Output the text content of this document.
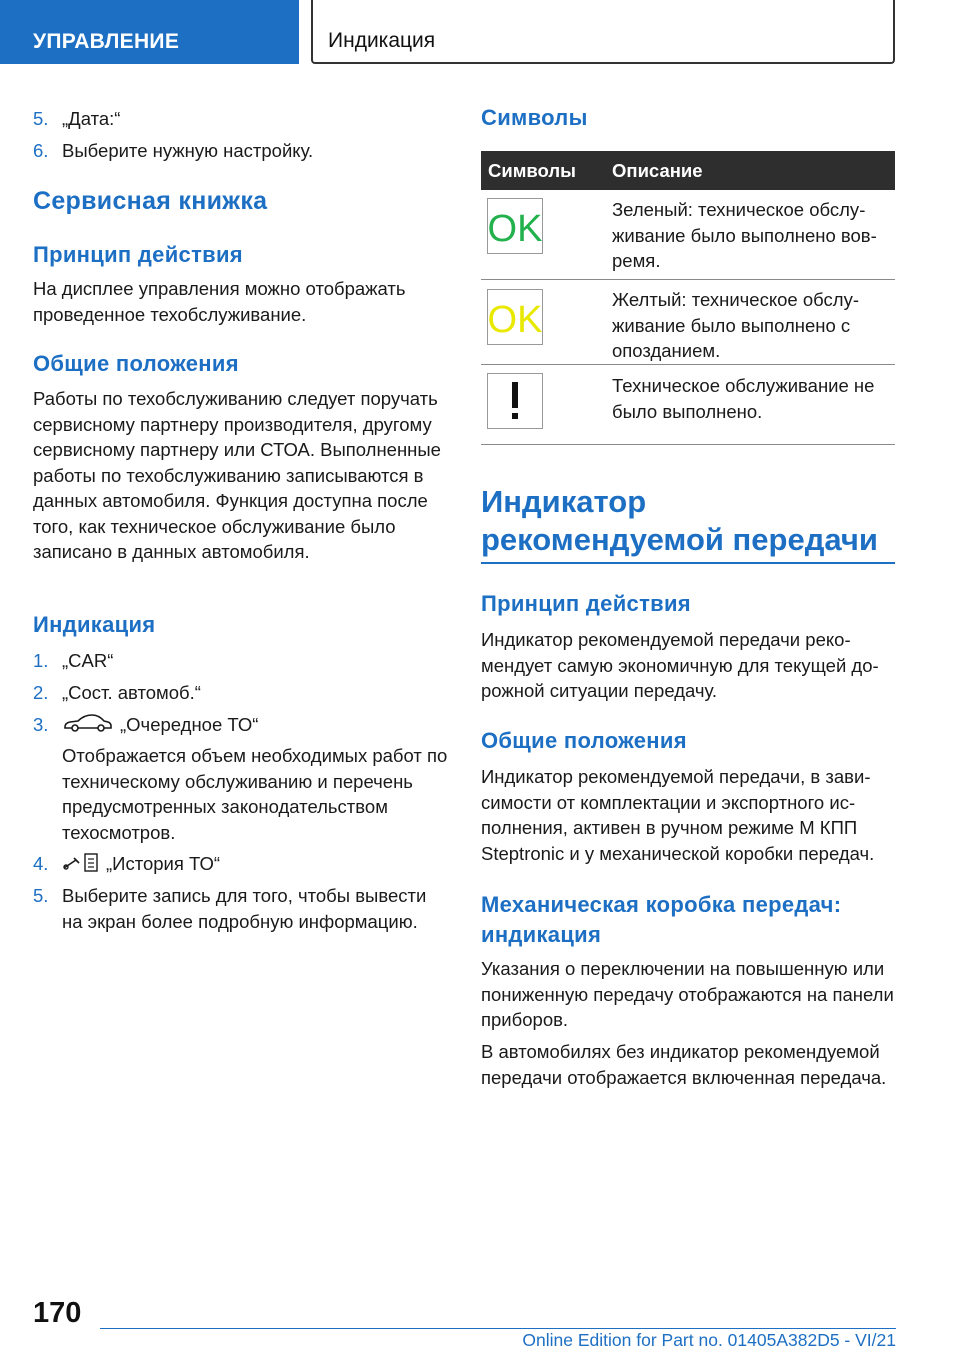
УПРАВЛЕНИЕ	Индикация
5. „Дата:“
6. Выберите нужную настройку.
Сервисная книжка
Принцип действия
На дисплее управления можно отображать проведенное техобслуживание.
Общие положения
Работы по техобслуживанию следует поручать сервисному партнеру производителя, другому сервисному партнеру или СТОА. Выполненные работы по техобслуживанию записываются в данных автомобиля. Функция доступна после того, как техническое обслуживание было записано в данных автомобиля.
Индикация
1. „CAR“
2. „Сост. автомоб.“
3.	„Очередное ТО“
Отображается объем необходимых работ по техническому обслуживанию и перечень предусмотренных законодательством техосмотров.
4.	„История ТО“
5. Выберите запись для того, чтобы вывести на экран более подробную информацию.
Символы
Символы Описание
OK	Зеленый: техническое обслуживание было выполнено вовремя.
OK	Желтый: техническое обслуживание было выполнено с опозданием.
Техническое обслуживание не было выполнено.
Индикатор рекомендуемой передачи
Принцип действия
Индикатор рекомендуемой передачи рекомендует самую экономичную для текущей дорожной ситуации передачу.
Общие положения
Индикатор рекомендуемой передачи, в зависимости от комплектации и экспортного исполнения, активен в ручном режиме М КПП Steptronic и у механической коробки передач.
Механическая коробка передач: индикация
Указания о переключении на повышенную или пониженную передачу отображаются на панели приборов.
В автомобилях без индикатор рекомендуемой передачи отображается включенная передача.
170
Online Edition for Part no. 01405A382D5 - VI/21
